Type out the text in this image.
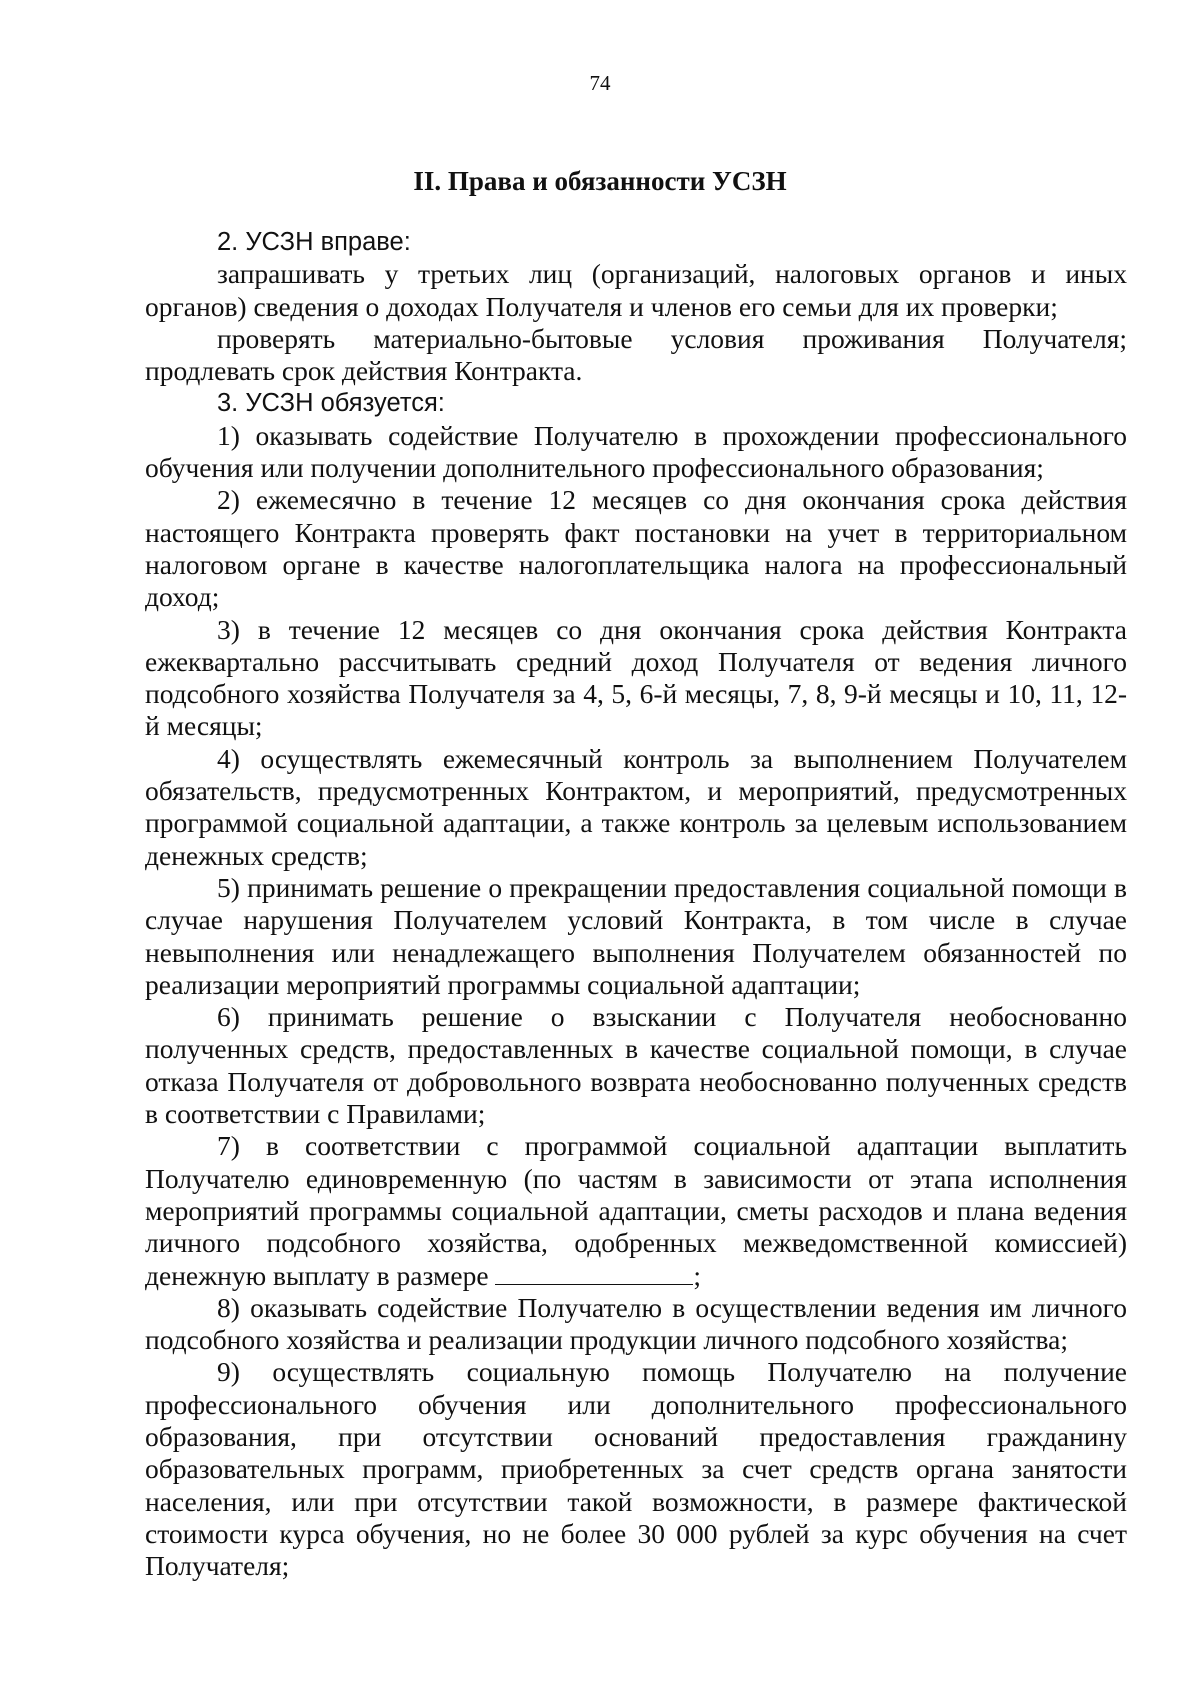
74
II. Права и обязанности УСЗН

2. УСЗН вправе:

запрашивать у третьих лиц (организаций, налоговых органов и иных органов) сведения о доходах Получателя и членов его семьи для их проверки;

проверять материально-бытовые условия проживания Получателя; продлевать срок действия Контракта.

3. УСЗН обязуется:

1) оказывать содействие Получателю в прохождении профессионального обучения или получении дополнительного профессионального образования;

2) ежемесячно в течение 12 месяцев со дня окончания срока действия настоящего Контракта проверять факт постановки на учет в территориальном налоговом органе в качестве налогоплательщика налога на профессиональный доход;

3) в течение 12 месяцев со дня окончания срока действия Контракта ежеквартально рассчитывать средний доход Получателя от ведения личного подсобного хозяйства Получателя за 4, 5, 6-й месяцы, 7, 8, 9-й месяцы и 10, 11, 12-й месяцы;

4) осуществлять ежемесячный контроль за выполнением Получателем обязательств, предусмотренных Контрактом, и мероприятий, предусмотренных программой социальной адаптации, а также контроль за целевым использованием денежных средств;

5) принимать решение о прекращении предоставления социальной помощи в случае нарушения Получателем условий Контракта, в том числе в случае невыполнения или ненадлежащего выполнения Получателем обязанностей по реализации мероприятий программы социальной адаптации;

6) принимать решение о взыскании с Получателя необоснованно полученных средств, предоставленных в качестве социальной помощи, в случае отказа Получателя от добровольного возврата необоснованно полученных средств в соответствии с Правилами;

7) в соответствии с программой социальной адаптации выплатить Получателю единовременную (по частям в зависимости от этапа исполнения мероприятий программы социальной адаптации, сметы расходов и плана ведения личного подсобного хозяйства, одобренных межведомственной комиссией) денежную выплату в размере	;

8) оказывать содействие Получателю в осуществлении ведения им личного подсобного хозяйства и реализации продукции личного подсобного хозяйства;

9) осуществлять социальную помощь Получателю на получение профессионального обучения или дополнительного профессионального образования, при отсутствии оснований предоставления гражданину образовательных программ, приобретенных за счет средств органа занятости населения, или при отсутствии такой возможности, в размере фактической стоимости курса обучения, но не более 30 000 рублей за курс обучения на счет Получателя;
